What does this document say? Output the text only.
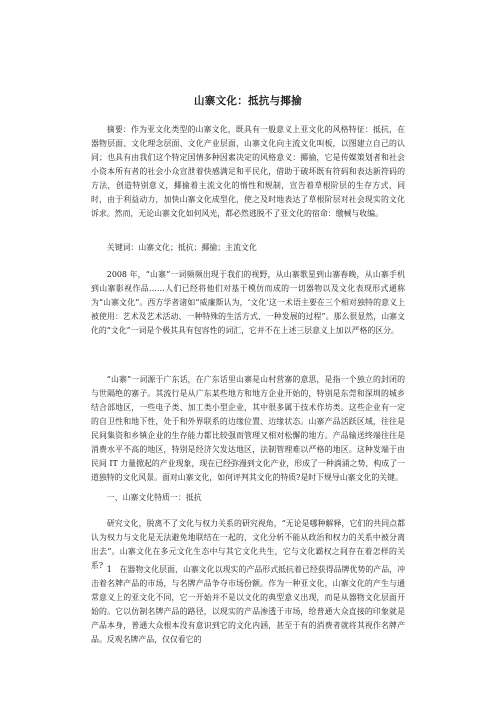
山寨文化：抵抗与揶揄

摘要：作为亚文化类型的山寨文化，既具有一般意义上亚文化的风格特征：抵抗，在器物层面、文化理念层面、文化产业层面，山寨文化向主流文化叫板，以图建立自己的认同；也具有由我们这个特定国情多种因素决定的风格意义：揶揄，它是传媒策划者和社会小资本所有者的社会小众宣泄着快感满足和平民化，借助于破坏既有符码和表达新符码的方法，创造特别意义，揶揄着主流文化的惰性和规制，宣告着草根阶层的生存方式，同时，由于利益动力，加快山寨文化成型化，使之及时地表达了草根阶层对社会现实的文化诉求。然而，无论山寨文化如何风光，都必然逃脱不了亚文化的宿命：缴械与收编。

关键词：山寨文化；抵抗；揶揄；主流文化

2008 年，“山寨”一词频频出现于我们的视野，从山寨歌星到山寨春晚，从山寨手机到山寨影视作品……人们已经将他们对基于模仿而成的一切器物以及文化表现形式通称为“山寨文化”。西方学者诸如“威廉斯认为，‘文化’这一术语主要在三个相对独特的意义上被使用：艺术及艺术活动、一种特殊的生活方式、一种发展的过程”。那么很显然，山寨文化的“文化”一词是个极其具有包容性的词汇，它并不在上述三层意义上加以严格的区分。

“山寨”一词源于广东话，在广东话里山寨是山村营寨的意思，是指一个独立的封闭的与世隔绝的寨子。其流行是从广东某些地方和地方企业开始的，特别是东莞和深圳的城乡结合部地区，一些电子类、加工类小型企业，其中很多属于技术作坊类。这些企业有一定的自卫性和地下性，处于和外界联系的边缘位置、边缘状态。山寨产品活跃区域，往往是民间集资和乡镇企业的生存能力都比较强而管理又相对松懈的地方。产品输送终端往往是消费水平不高的地区，特别是经济欠发达地区，法制管理难以严格的地区。这种发端于由民间 IT 力量掀起的产业现象，现在已经弥漫到文化产业，形成了一种淌涌之势，构成了一道独特的文化风景。面对山寨文化，如何评判其文化的特质?是时下规导山寨文化的关键。

一、山寨文化特质一：抵抗

研究文化，脱离不了文化与权力关系的研究视角，“无论是哪种解释，它们的共同点都认为权力与文化是无法避免地联结在一起的，文化分析不能从政治和权力的关系中被分离出去”。山寨文化在多元文化生态中与其它文化共生，它与文化霸权之间存在着怎样的关系? 1 在器物文化层面，山寨文化以现实的产品形式抵抗着已经获得品牌优势的产品，冲击着名牌产品的市场，与名牌产品争夺市场份额。作为一种亚文化，山寨文化的产生与通常意义上的亚文化不同，它一开始并不是以文化的典型意义出现，而是从器物文化层面开始的。它以仿制名牌产品的路径，以现实的产品渗透于市场，给普通大众直接的印象就是产品本身，普通大众根本没有意识到它的文化内涵，甚至于有的消费者就将其视作名牌产品。反观名牌产品，仅仅看它的
